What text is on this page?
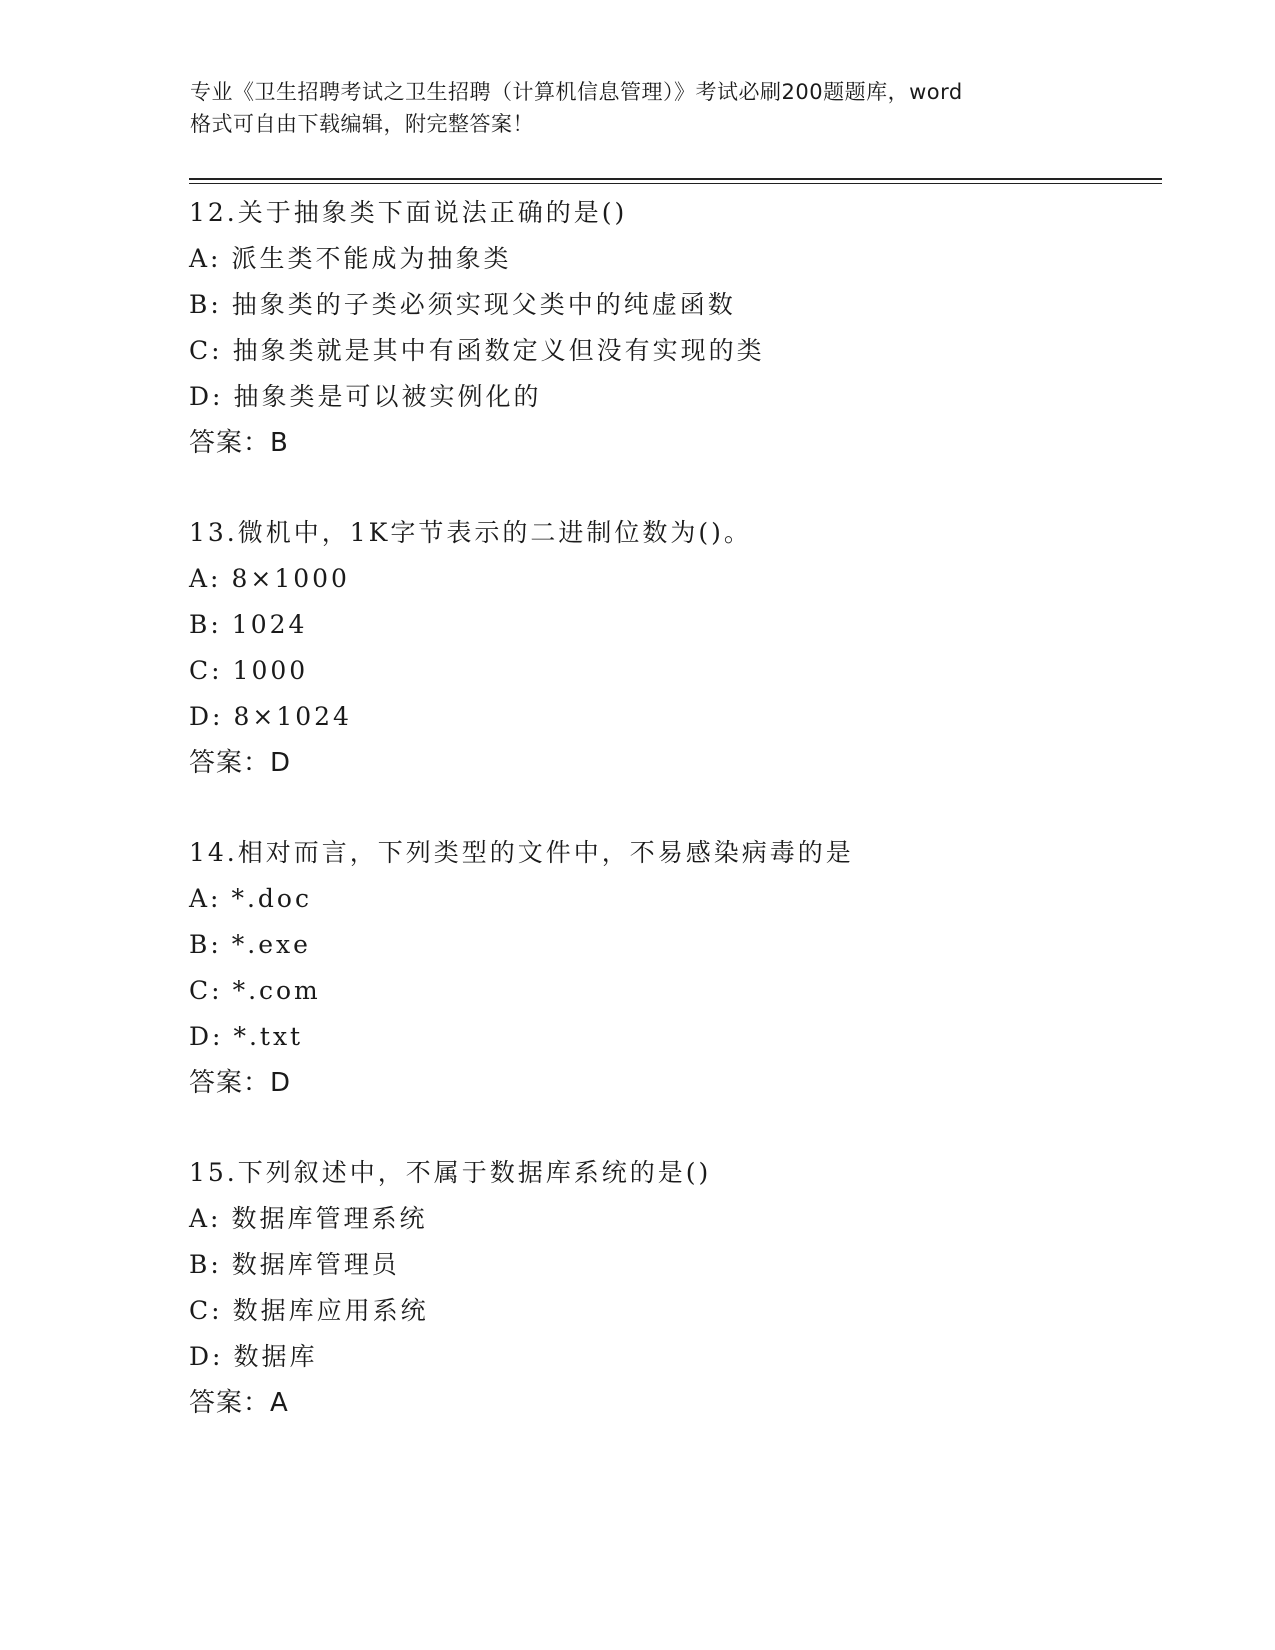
专业《卫生招聘考试之卫生招聘（计算机信息管理）》考试必刷200题题库，word
格式可自由下载编辑，附完整答案！
12.关于抽象类下面说法正确的是()
A: 派生类不能成为抽象类
B: 抽象类的子类必须实现父类中的纯虚函数
C: 抽象类就是其中有函数定义但没有实现的类
D: 抽象类是可以被实例化的
答案：B
13.微机中，1K字节表示的二进制位数为()。
A: 8×1000
B: 1024
C: 1000
D: 8×1024
答案：D
14.相对而言，下列类型的文件中，不易感染病毒的是
A: *.doc
B: *.exe
C: *.com
D: *.txt
答案：D
15.下列叙述中，不属于数据库系统的是()
A: 数据库管理系统
B: 数据库管理员
C: 数据库应用系统
D: 数据库
答案：A
